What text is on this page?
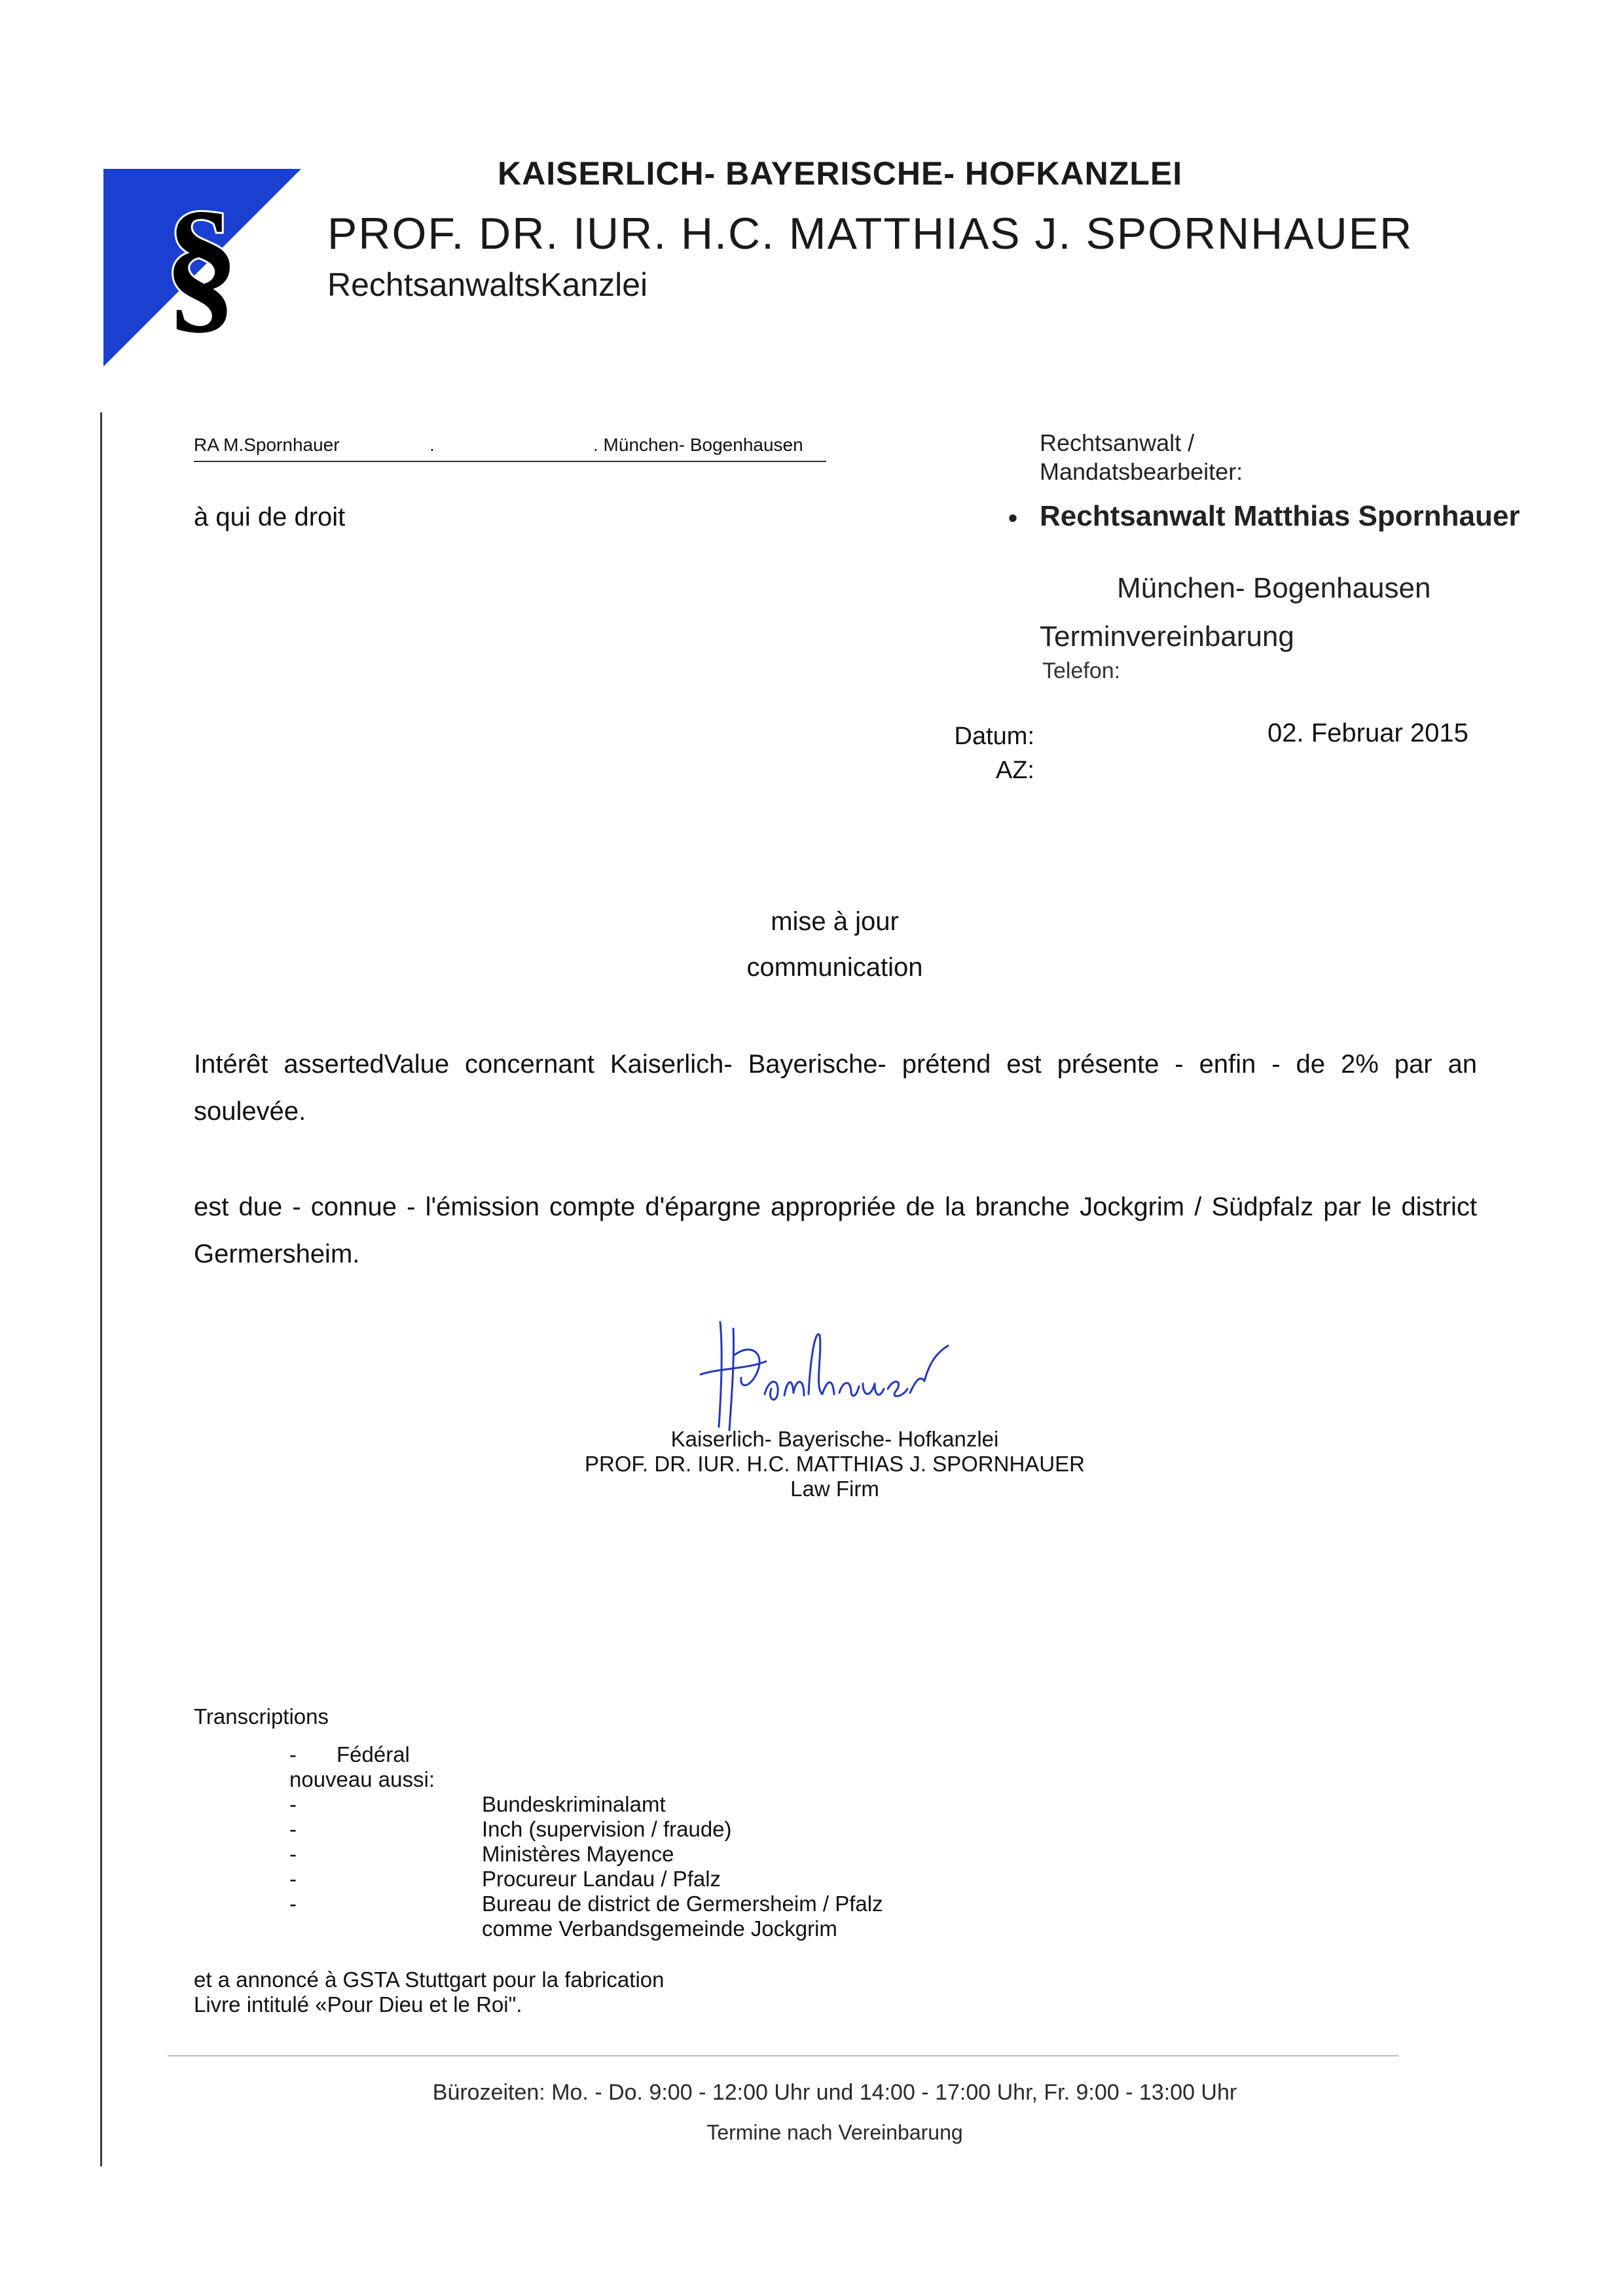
§
KAISERLICH- BAYERISCHE- HOFKANZLEI
PROF. DR. IUR. H.C. MATTHIAS J. SPORNHAUER
RechtsanwaltsKanzlei
RA M.Spornhauer	.	. München- Bogenhausen
à qui de droit
Rechtsanwalt /
Mandatsbearbeiter:
• Rechtsanwalt Matthias Spornhauer
München- Bogenhausen
Terminvereinbarung
Telefon:
Datum:
AZ:
02. Februar 2015
mise à jour
communication
Intérêt assertedValue concernant Kaiserlich- Bayerische- prétend est présente - enfin - de 2% par an soulevée.
est due - connue - l'émission compte d'épargne appropriée de la branche Jockgrim / Südpfalz par le district Germersheim.
Kaiserlich- Bayerische- Hofkanzlei
PROF. DR. IUR. H.C. MATTHIAS J. SPORNHAUER
Law Firm
Transcriptions
- Fédéral
nouveau aussi:
-	Bundeskriminalamt
-	Inch (supervision / fraude)
-	Ministères Mayence
-	Procureur Landau / Pfalz
-	Bureau de district de Germersheim / Pfalz
comme Verbandsgemeinde Jockgrim
et a annoncé à GSTA Stuttgart pour la fabrication
Livre intitulé «Pour Dieu et le Roi".
Bürozeiten: Mo. - Do. 9:00 - 12:00 Uhr und 14:00 - 17:00 Uhr, Fr. 9:00 - 13:00 Uhr
Termine nach Vereinbarung
